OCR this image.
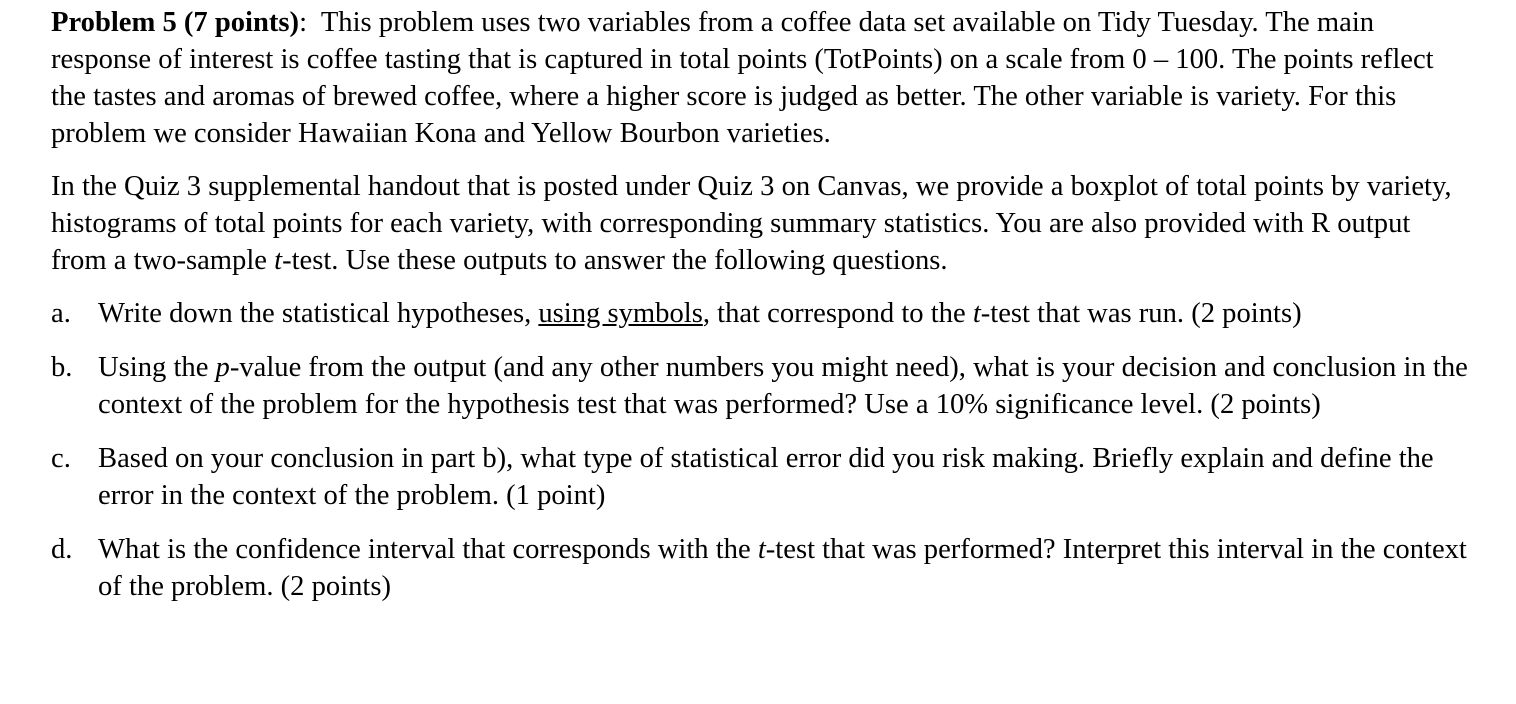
Problem 5 (7 points): This problem uses two variables from a coffee data set available on Tidy Tuesday. The main response of interest is coffee tasting that is captured in total points (TotPoints) on a scale from 0 – 100. The points reflect the tastes and aromas of brewed coffee, where a higher score is judged as better. The other variable is variety. For this problem we consider Hawaiian Kona and Yellow Bourbon varieties.

In the Quiz 3 supplemental handout that is posted under Quiz 3 on Canvas, we provide a boxplot of total points by variety, histograms of total points for each variety, with corresponding summary statistics. You are also provided with R output from a two-sample t-test. Use these outputs to answer the following questions.

a. Write down the statistical hypotheses, using symbols, that correspond to the t-test that was run. (2 points)
b. Using the p-value from the output (and any other numbers you might need), what is your decision and conclusion in the context of the problem for the hypothesis test that was performed? Use a 10% significance level. (2 points)
c. Based on your conclusion in part b), what type of statistical error did you risk making. Briefly explain and define the error in the context of the problem. (1 point)
d. What is the confidence interval that corresponds with the t-test that was performed? Interpret this interval in the context of the problem. (2 points)
